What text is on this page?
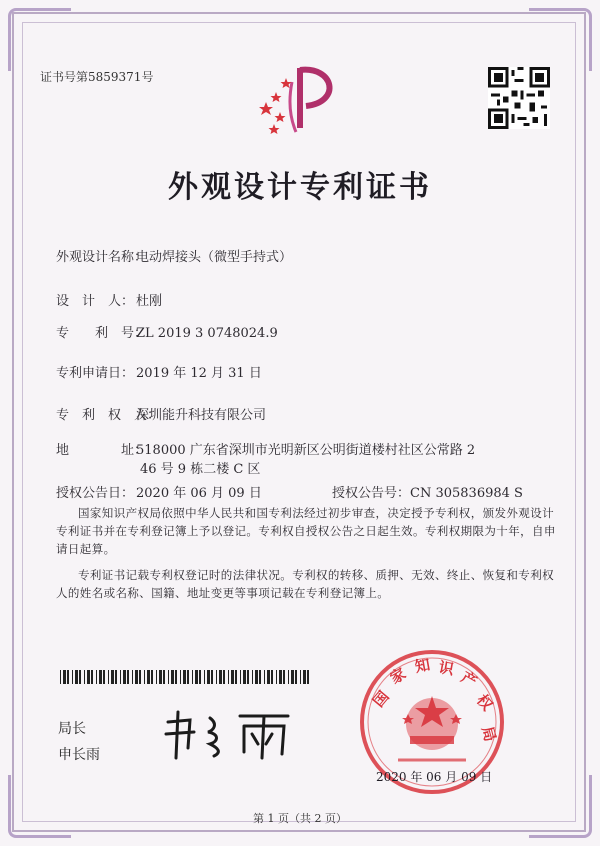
证书号第5859371号
外观设计专利证书
外观设计名称：电动焊接头（微型手持式）
设　计　人： 杜刚
专　　利　号：ZL 2019 3 0748024.9
专利申请日： 2019 年 12 月 31 日
专　利　权　人：深圳能升科技有限公司
地　　　　址：518000 广东省深圳市光明新区公明街道楼村社区公常路 2
46 号 9 栋二楼 C 区
授权公告日： 2020 年 06 月 09 日	授权公告号：CN 305836984 S
国家知识产权局依照中华人民共和国专利法经过初步审查，决定授予专利权，颁发外观设计专利证书并在专利登记簿上予以登记。专利权自授权公告之日起生效。专利权期限为十年，自申请日起算。
专利证书记载专利权登记时的法律状况。专利权的转移、质押、无效、终止、恢复和专利权人的姓名或名称、国籍、地址变更等事项记载在专利登记簿上。
局长
申长雨
国
家 知 识 产
权
局
2020 年 06 月 09 日
第 1 页（共 2 页）
